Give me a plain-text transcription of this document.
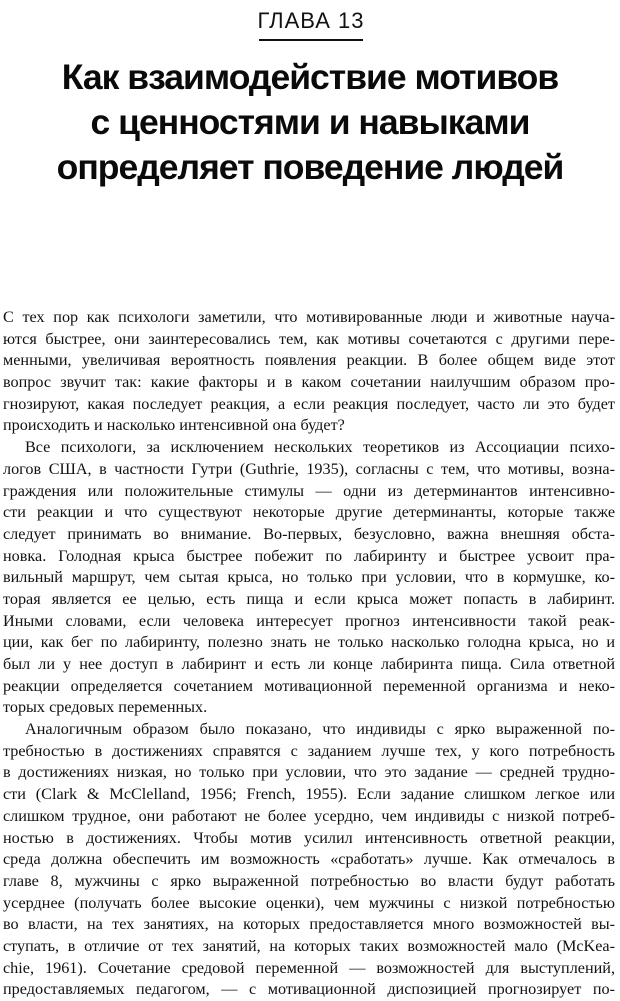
ГЛАВА 13
Как взаимодействие мотивов
с ценностями и навыками
определяет поведение людей
С тех пор как психологи заметили, что мотивированные люди и животные научa-
ются быстрее, они заинтересовались тем, как мотивы сочетаются с другими пере-
менными, увеличивая вероятность появления реакции. В более общем виде этот
вопрос звучит так: какие факторы и в каком сочетании наилучшим образом про-
гнозируют, какая последует реакция, а если реакция последует, часто ли это будет
происходить и насколько интенсивной она будет?
Все психологи, за исключением нескольких теоретиков из Ассоциации психо-
логов США, в частности Гутри (Guthrie, 1935), согласны с тем, что мотивы, возна-
граждения или положительные стимулы — одни из детерминантов интенсивно-
сти реакции и что существуют некоторые другие детерминанты, которые также
следует принимать во внимание. Во-первых, безусловно, важна внешняя обста-
новка. Голодная крыса быстрее побежит по лабиринту и быстрее усвоит пра-
вильный маршрут, чем сытая крыса, но только при условии, что в кормушке, ко-
торая является ее целью, есть пища и если крыса может попасть в лабиринт.
Иными словами, если человека интересует прогноз интенсивности такой реак-
ции, как бег по лабиринту, полезно знать не только насколько голодна крыса, но и
был ли у нее доступ в лабиринт и есть ли конце лабиринта пища. Сила ответной
реакции определяется сочетанием мотивационной переменной организма и неко-
торых средовых переменных.
Аналогичным образом было показано, что индивиды с ярко выраженной по-
требностью в достижениях справятся с заданием лучше тех, у кого потребность
в достижениях низкая, но только при условии, что это задание — средней трудно-
сти (Clark & McClelland, 1956; French, 1955). Если задание слишком легкое или
слишком трудное, они работают не более усердно, чем индивиды с низкой потреб-
ностью в достижениях. Чтобы мотив усилил интенсивность ответной реакции,
среда должна обеспечить им возможность «сработать» лучше. Как отмечалось в
главе 8, мужчины с ярко выраженной потребностью во власти будут работать
усерднее (получать более высокие оценки), чем мужчины с низкой потребностью
во власти, на тех занятиях, на которых предоставляется много возможностей вы-
ступать, в отличие от тех занятий, на которых таких возможностей мало (McKea-
chie, 1961). Сочетание средовой переменной — возможностей для выступлений,
предоставляемых педагогом, — с мотивационной диспозицией прогнозирует по-
